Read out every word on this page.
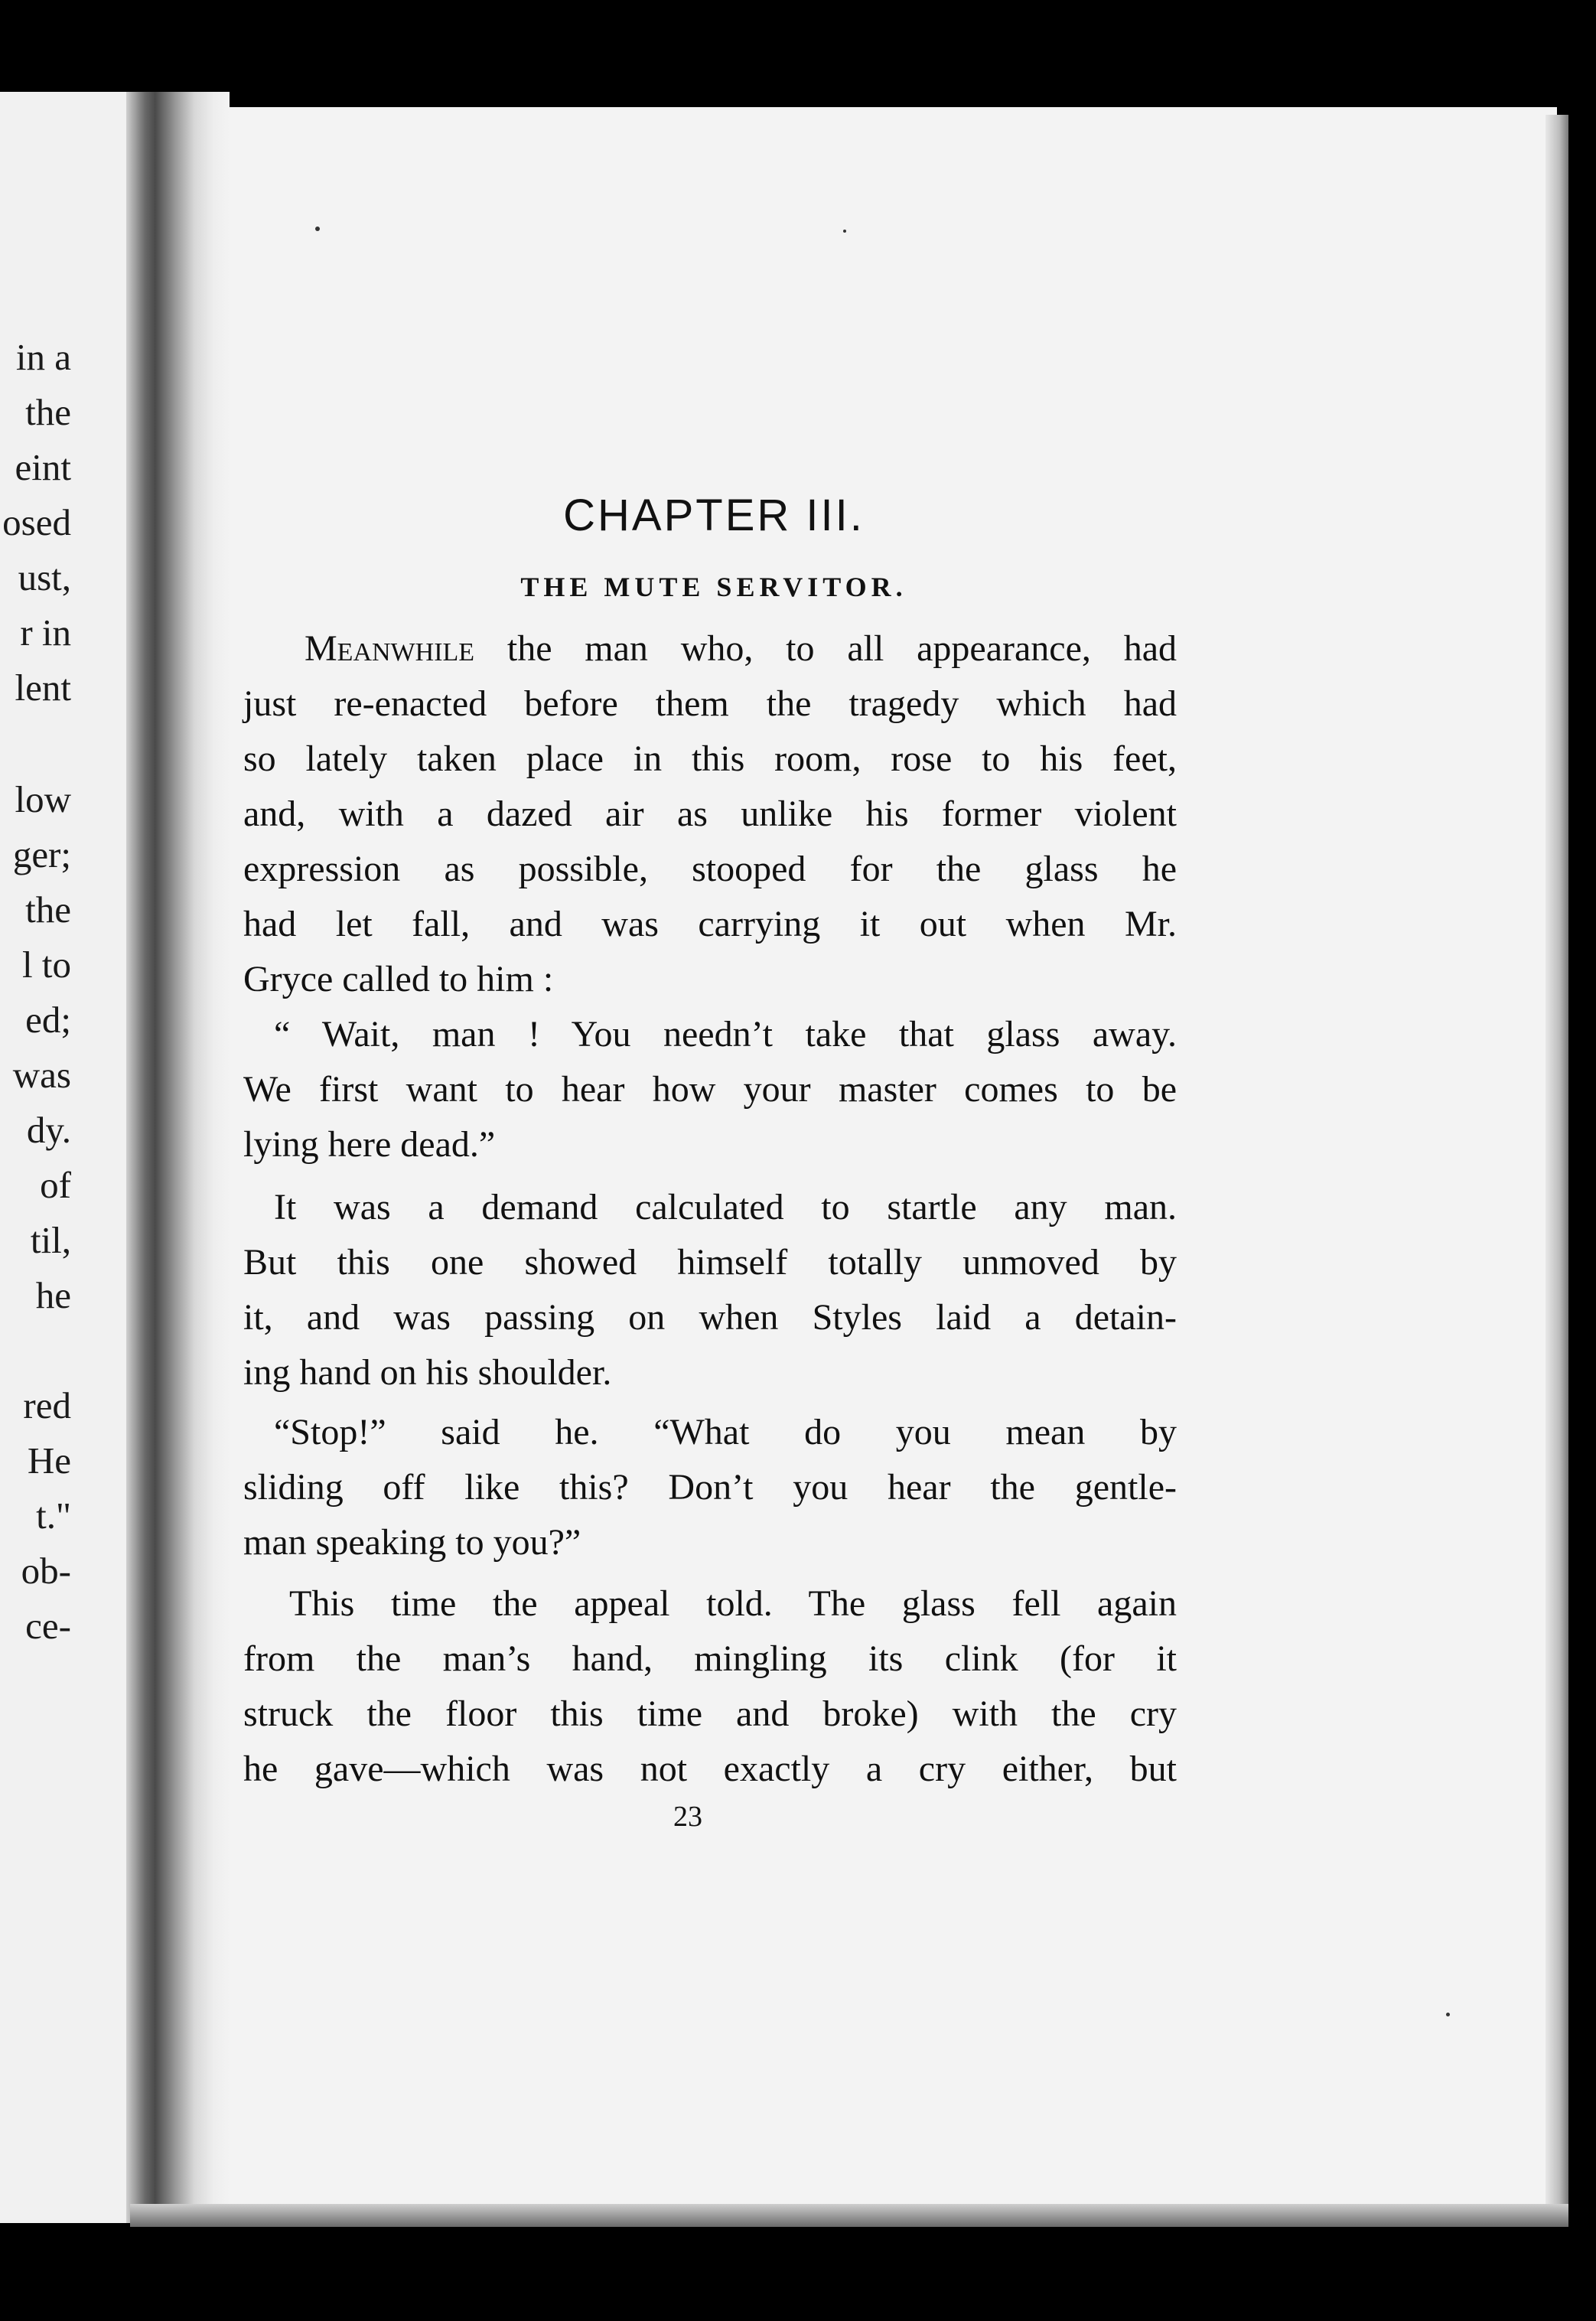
in a
the
eint
osed
ust,
r in
lent
low
ger;
the
l to
ed;
was
dy.
of
til,
he
red
He
t."
ob-
ce-
CHAPTER III.
THE MUTE SERVITOR.
Meanwhile the man who, to all appearance, had
just re-enacted before them the tragedy which had
so lately taken place in this room, rose to his feet,
and, with a dazed air as unlike his former violent
expression as possible, stooped for the glass he
had let fall, and was carrying it out when Mr.
Gryce called to him :
“ Wait, man ! You needn’t take that glass away.
We first want to hear how your master comes to be
lying here dead.”
It was a demand calculated to startle any man.
But this one showed himself totally unmoved by
it, and was passing on when Styles laid a detain-
ing hand on his shoulder.
“Stop!” said he. “What do you mean by
sliding off like this? Don’t you hear the gentle-
man speaking to you?”
This time the appeal told. The glass fell again
from the man’s hand, mingling its clink (for it
struck the floor this time and broke) with the cry
he gave—which was not exactly a cry either, but
23
